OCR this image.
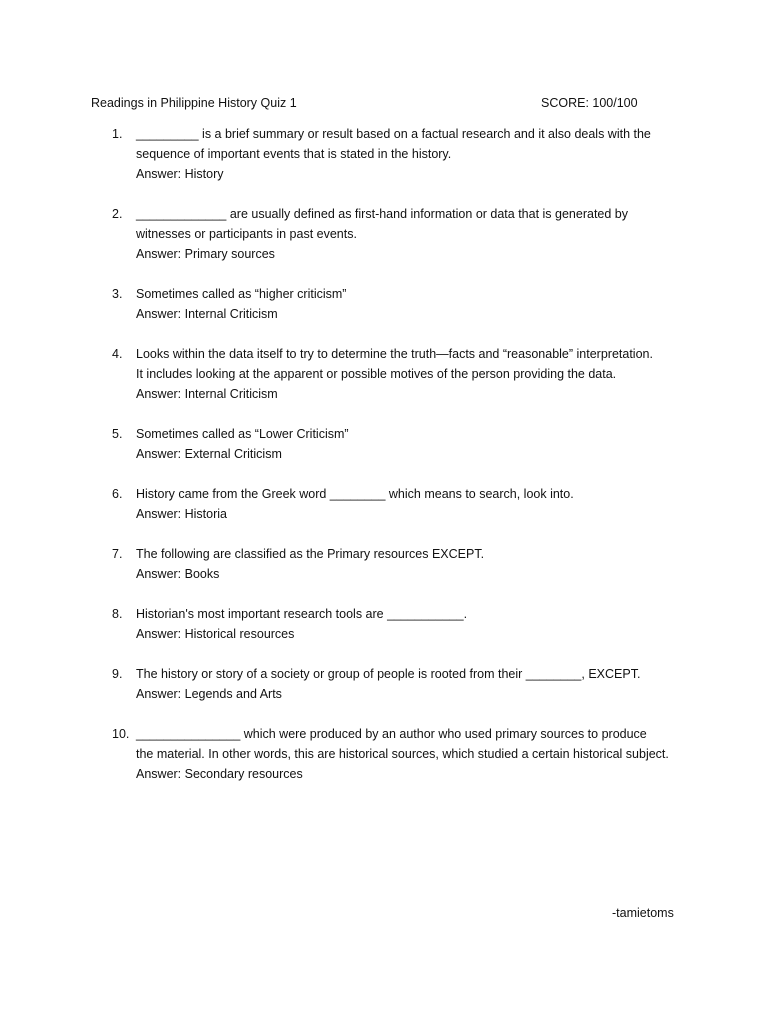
Readings in Philippine History Quiz 1	SCORE: 100/100
1.	_________ is a brief summary or result based on a factual research and it also deals with the
sequence of important events that is stated in the history.
Answer: History
2.	_____________ are usually defined as first-hand information or data that is generated by
witnesses or participants in past events.
Answer: Primary sources
3.	Sometimes called as “higher criticism”
Answer: Internal Criticism
4.	Looks within the data itself to try to determine the truth—facts and “reasonable” interpretation.
It includes looking at the apparent or possible motives of the person providing the data.
Answer: Internal Criticism
5.	Sometimes called as “Lower Criticism”
Answer: External Criticism
6.	History came from the Greek word ________ which means to search, look into.
Answer: Historia
7.	The following are classified as the Primary resources EXCEPT.
Answer: Books
8.	Historian's most important research tools are ___________.
Answer: Historical resources
9.	The history or story of a society or group of people is rooted from their ________, EXCEPT.
Answer: Legends and Arts
10. _______________ which were produced by an author who used primary sources to produce
the material. In other words, this are historical sources, which studied a certain historical subject.
Answer: Secondary resources
-tamietoms
